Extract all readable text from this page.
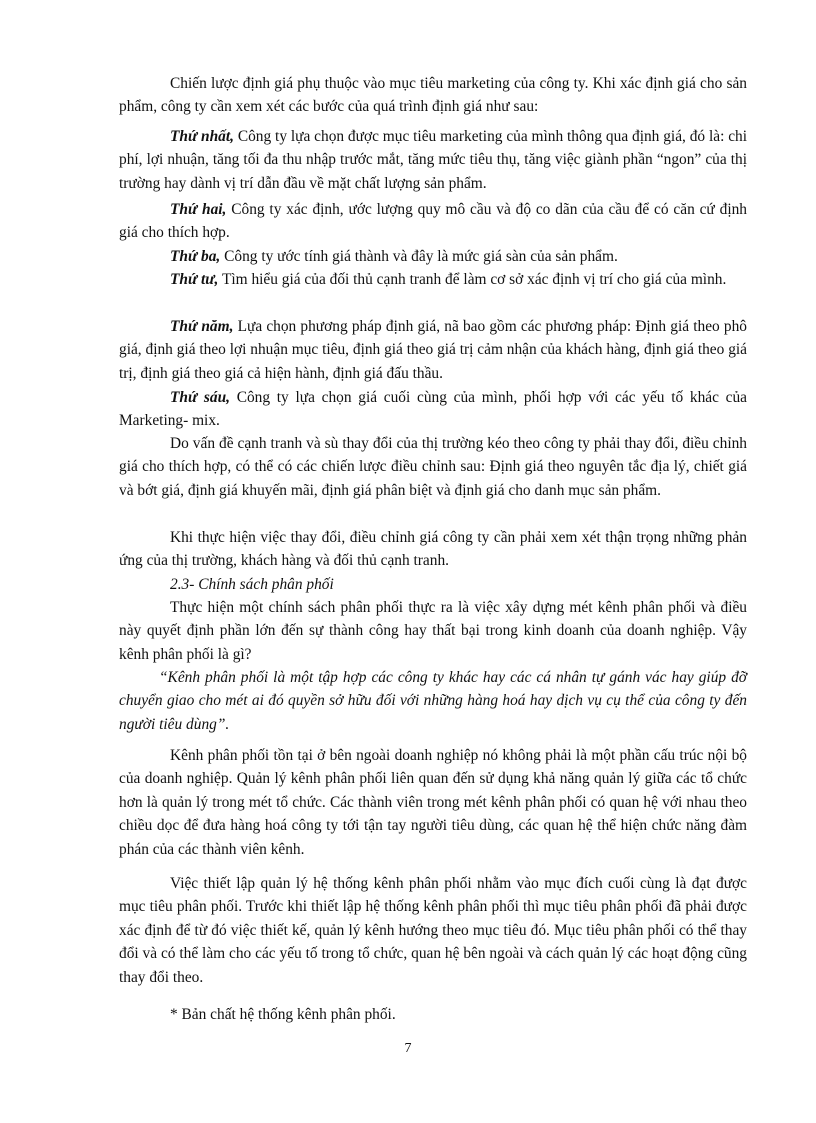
Chiến lược định giá phụ thuộc vào mục tiêu marketing của công ty. Khi xác định giá cho sản phẩm, công ty cần xem xét các bước của quá trình định giá như sau:

Thứ nhất, Công ty lựa chọn được mục tiêu marketing của mình thông qua định giá, đó là: chi phí, lợi nhuận, tăng tối đa thu nhập trước mắt, tăng mức tiêu thụ, tăng việc giành phần “ngon” của thị trường hay dành vị trí dẫn đầu về mặt chất lượng sản phẩm.

Thứ hai, Công ty xác định, ước lượng quy mô cầu và độ co dãn của cầu để có căn cứ định giá cho thích hợp.

Thứ ba, Công ty ước tính giá thành và đây là mức giá sàn của sản phẩm.

Thứ tư, Tìm hiểu giá của đối thủ cạnh tranh để làm cơ sở xác định vị trí cho giá của mình.

Thứ năm, Lựa chọn phương pháp định giá, nã bao gồm các phương pháp: Định giá theo phô giá, định giá theo lợi nhuận mục tiêu, định giá theo giá trị cảm nhận của khách hàng, định giá theo giá trị, định giá theo giá cả hiện hành, định giá đấu thầu.

Thứ sáu, Công ty lựa chọn giá cuối cùng của mình, phối hợp với các yếu tố khác của Marketing- mix.

Do vấn đề cạnh tranh và sù thay đổi của thị trường kéo theo công ty phải thay đổi, điều chỉnh giá cho thích hợp, có thể có các chiến lược điều chỉnh sau: Định giá theo nguyên tắc địa lý, chiết giá và bớt giá, định giá khuyến mãi, định giá phân biệt và định giá cho danh mục sản phẩm.

Khi thực hiện việc thay đổi, điều chỉnh giá công ty cần phải xem xét thận trọng những phản ứng của thị trường, khách hàng và đối thủ cạnh tranh.

2.3- Chính sách phân phối

Thực hiện một chính sách phân phối thực ra là việc xây dựng mét kênh phân phối và điều này quyết định phần lớn đến sự thành công hay thất bại trong kinh doanh của doanh nghiệp. Vậy kênh phân phối là gì?

“Kênh phân phối là một tập hợp các công ty khác hay các cá nhân tự gánh vác hay giúp đỡ chuyển giao cho mét ai đó quyền sở hữu đối với những hàng hoá hay dịch vụ cụ thể của công ty đến người tiêu dùng”.

Kênh phân phối tồn tại ở bên ngoài doanh nghiệp nó không phải là một phần cấu trúc nội bộ của doanh nghiệp. Quản lý kênh phân phối liên quan đến sử dụng khả năng quản lý giữa các tổ chức hơn là quản lý trong mét tổ chức. Các thành viên trong mét kênh phân phối có quan hệ với nhau theo chiều dọc để đưa hàng hoá công ty tới tận tay người tiêu dùng, các quan hệ thể hiện chức năng đàm phán của các thành viên kênh.

Việc thiết lập quản lý hệ thống kênh phân phối nhằm vào mục đích cuối cùng là đạt được mục tiêu phân phối. Trước khi thiết lập hệ thống kênh phân phối thì mục tiêu phân phối đã phải được xác định để từ đó việc thiết kế, quản lý kênh hướng theo mục tiêu đó. Mục tiêu phân phối có thể thay đổi và có thể làm cho các yếu tố trong tổ chức, quan hệ bên ngoài và cách quản lý các hoạt động cũng thay đổi theo.

* Bản chất hệ thống kênh phân phối.

7
